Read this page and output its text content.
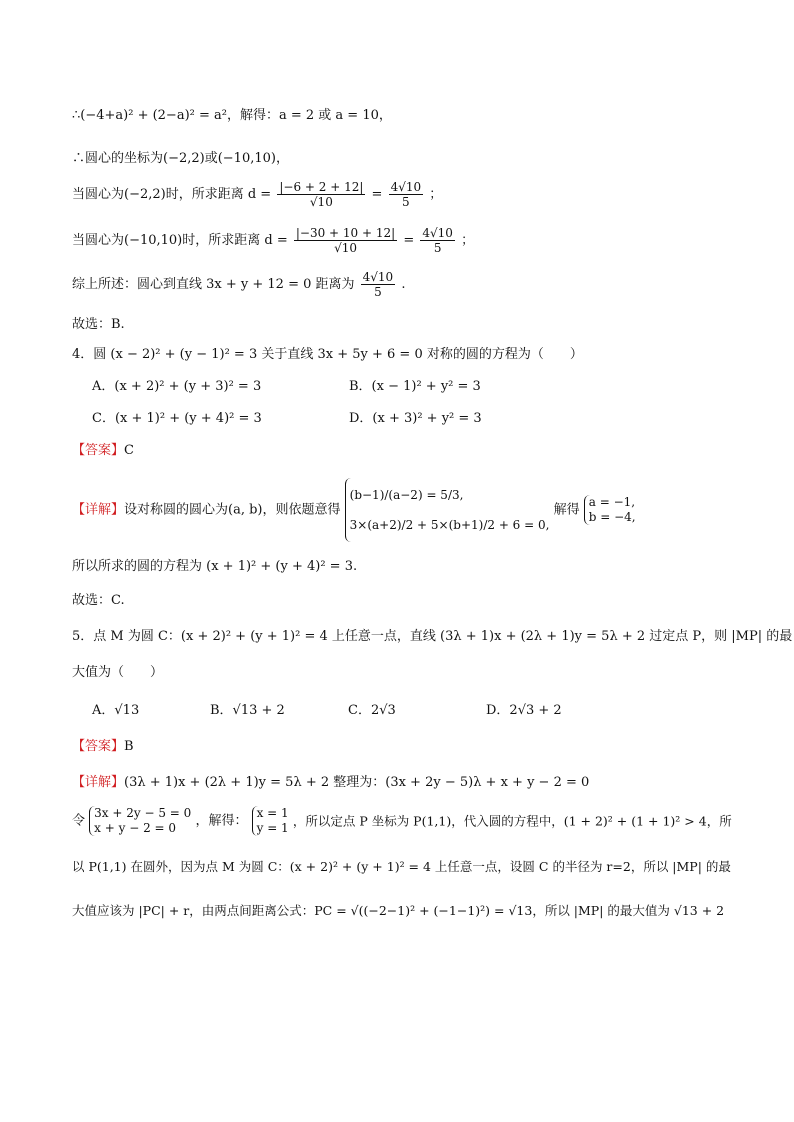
∴(−4+a)² + (2−a)² = a²，解得：a = 2 或 a = 10，
∴圆心的坐标为(−2,2)或(−10,10)，
当圆心为(−2,2)时，所求距离 $d = \frac{|-6 + 2 + 12|}{√10} = \frac{4√10}{5}$ ；
当圆心为(−10,10)时，所求距离 $d = \frac{|-30 + 10 + 12|}{√10} = \frac{4√10}{5}$ ；
综上所述：圆心到直线 3x + y + 12 = 0 距离为 $\frac{4√10}{5}$ .
故选：B.
4．圆 (x − 2)² + (y − 1)² = 3 关于直线 3x + 5y + 6 = 0 对称的圆的方程为（　　）
A．(x + 2)² + (y + 3)² = 3	B．(x − 1)² + y² = 3
C．(x + 1)² + (y + 4)² = 3	D．(x + 3)² + y² = 3
【答案】C
【详解】设对称圆的圆心为(a, b)，则依题意得
(b−1)/(a−2) = 5/3,
3×(a+2)/2 + 5×(b+1)/2 + 6 = 0,
解得
a = −1,
b = −4,
所以所求的圆的方程为 (x + 1)² + (y + 4)² = 3.
故选：C.
5．点 M 为圆 C：(x + 2)² + (y + 1)² = 4 上任意一点，直线 (3λ + 1)x + (2λ + 1)y = 5λ + 2 过定点 P，则 |MP| 的最
大值为（　　）
A．√13	B．√13 + 2	C．2√3	D．2√3 + 2
【答案】B
【详解】(3λ + 1)x + (2λ + 1)y = 5λ + 2 整理为：(3x + 2y − 5)λ + x + y − 2 = 0
令
3x + 2y − 5 = 0
x + y − 2 = 0	，解得：
x = 1
y = 1 ，所以定点 P 坐标为 P(1,1)，代入圆的方程中，(1 + 2)² + (1 + 1)² > 4，所
以 P(1,1) 在圆外，因为点 M 为圆 C：(x + 2)² + (y + 1)² = 4 上任意一点，设圆 C 的半径为 r=2，所以 |MP| 的最
大值应该为 |PC| + r，由两点间距离公式：PC = √((−2−1)² + (−1−1)²) = √13，所以 |MP| 的最大值为 √13 + 2
